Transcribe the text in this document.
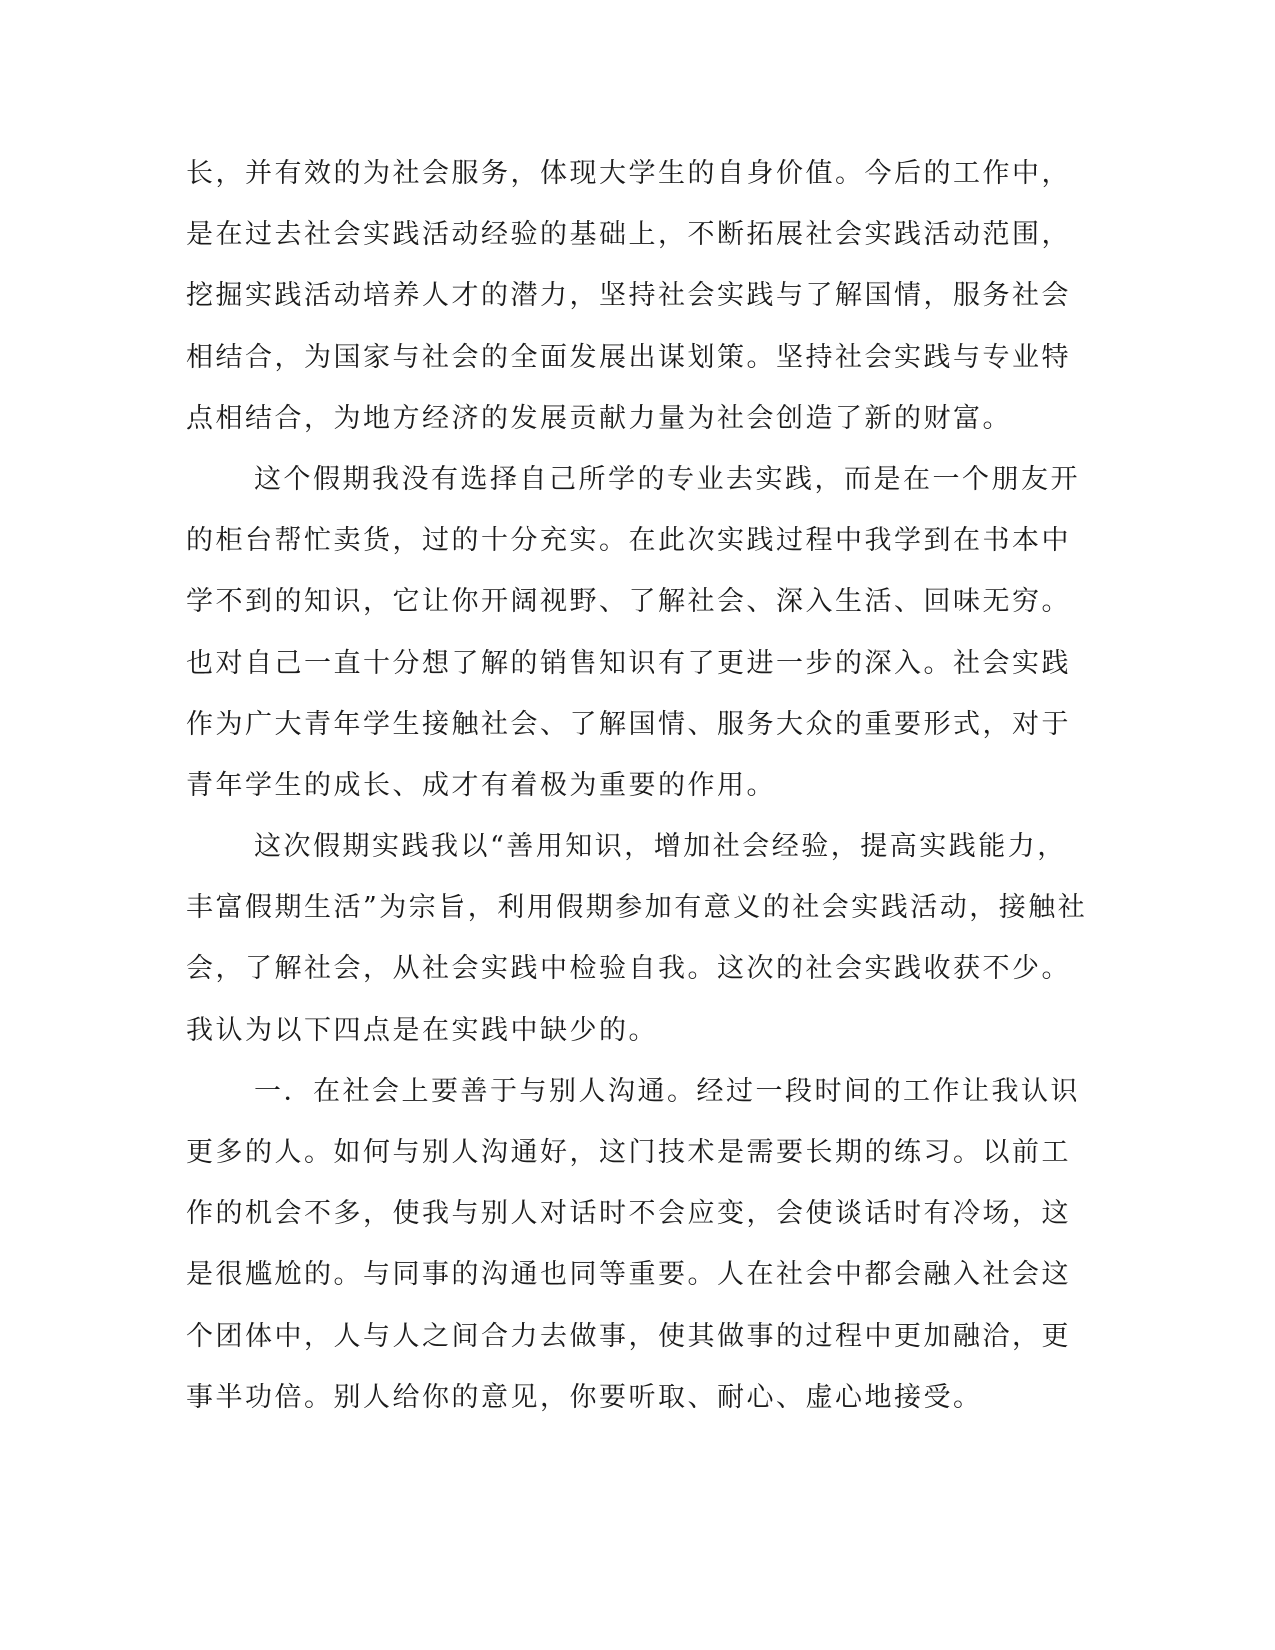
长，并有效的为社会服务，体现大学生的自身价值。今后的工作中，
是在过去社会实践活动经验的基础上，不断拓展社会实践活动范围，
挖掘实践活动培养人才的潜力，坚持社会实践与了解国情，服务社会
相结合，为国家与社会的全面发展出谋划策。坚持社会实践与专业特
点相结合，为地方经济的发展贡献力量为社会创造了新的财富。
这个假期我没有选择自己所学的专业去实践，而是在一个朋友开
的柜台帮忙卖货，过的十分充实。在此次实践过程中我学到在书本中
学不到的知识，它让你开阔视野、了解社会、深入生活、回味无穷。
也对自己一直十分想了解的销售知识有了更进一步的深入。社会实践
作为广大青年学生接触社会、了解国情、服务大众的重要形式，对于
青年学生的成长、成才有着极为重要的作用。
这次假期实践我以“善用知识，增加社会经验，提高实践能力，
丰富假期生活”为宗旨，利用假期参加有意义的社会实践活动，接触社
会，了解社会，从社会实践中检验自我。这次的社会实践收获不少。
我认为以下四点是在实践中缺少的。
一．在社会上要善于与别人沟通。经过一段时间的工作让我认识
更多的人。如何与别人沟通好，这门技术是需要长期的练习。以前工
作的机会不多，使我与别人对话时不会应变，会使谈话时有冷场，这
是很尴尬的。与同事的沟通也同等重要。人在社会中都会融入社会这
个团体中，人与人之间合力去做事，使其做事的过程中更加融洽，更
事半功倍。别人给你的意见，你要听取、耐心、虚心地接受。
